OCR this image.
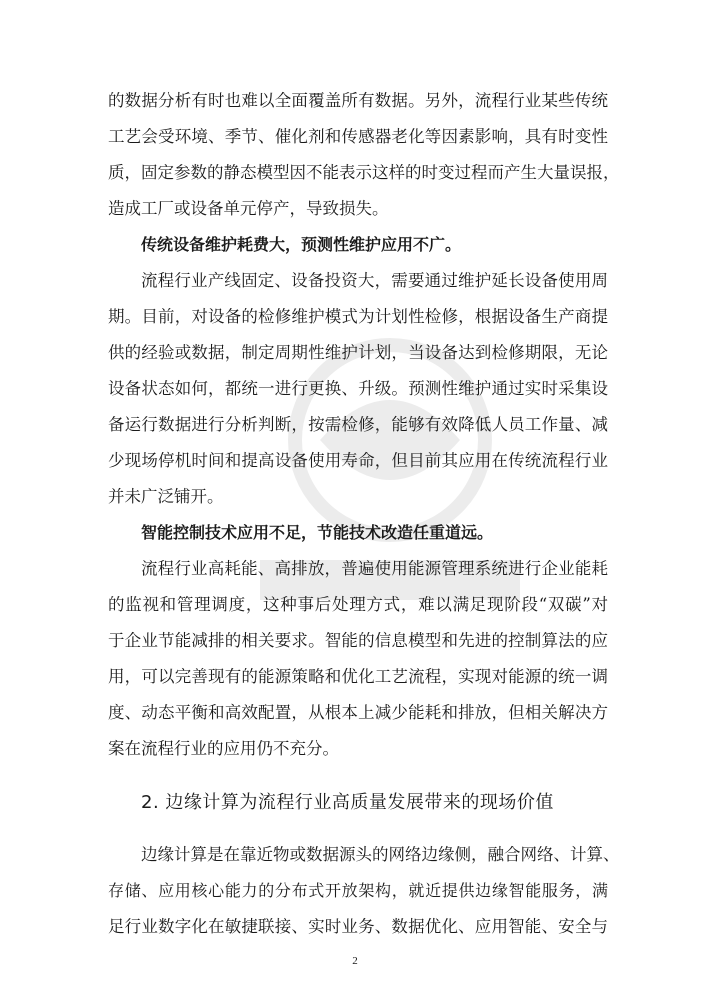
的数据分析有时也难以全面覆盖所有数据。另外，流程行业某些传统
工艺会受环境、季节、催化剂和传感器老化等因素影响，具有时变性
质，固定参数的静态模型因不能表示这样的时变过程而产生大量误报，
造成工厂或设备单元停产，导致损失。
传统设备维护耗费大，预测性维护应用不广。
流程行业产线固定、设备投资大，需要通过维护延长设备使用周
期。目前，对设备的检修维护模式为计划性检修，根据设备生产商提
供的经验或数据，制定周期性维护计划，当设备达到检修期限，无论
设备状态如何，都统一进行更换、升级。预测性维护通过实时采集设
备运行数据进行分析判断，按需检修，能够有效降低人员工作量、减
少现场停机时间和提高设备使用寿命，但目前其应用在传统流程行业
并未广泛铺开。
智能控制技术应用不足，节能技术改造任重道远。
流程行业高耗能、高排放，普遍使用能源管理系统进行企业能耗
的监视和管理调度，这种事后处理方式，难以满足现阶段“双碳”对
于企业节能减排的相关要求。智能的信息模型和先进的控制算法的应
用，可以完善现有的能源策略和优化工艺流程，实现对能源的统一调
度、动态平衡和高效配置，从根本上减少能耗和排放，但相关解决方
案在流程行业的应用仍不充分。
2. 边缘计算为流程行业高质量发展带来的现场价值
边缘计算是在靠近物或数据源头的网络边缘侧，融合网络、计算、
存储、应用核心能力的分布式开放架构，就近提供边缘智能服务，满
2
足行业数字化在敏捷联接、实时业务、数据优化、应用智能、安全与
